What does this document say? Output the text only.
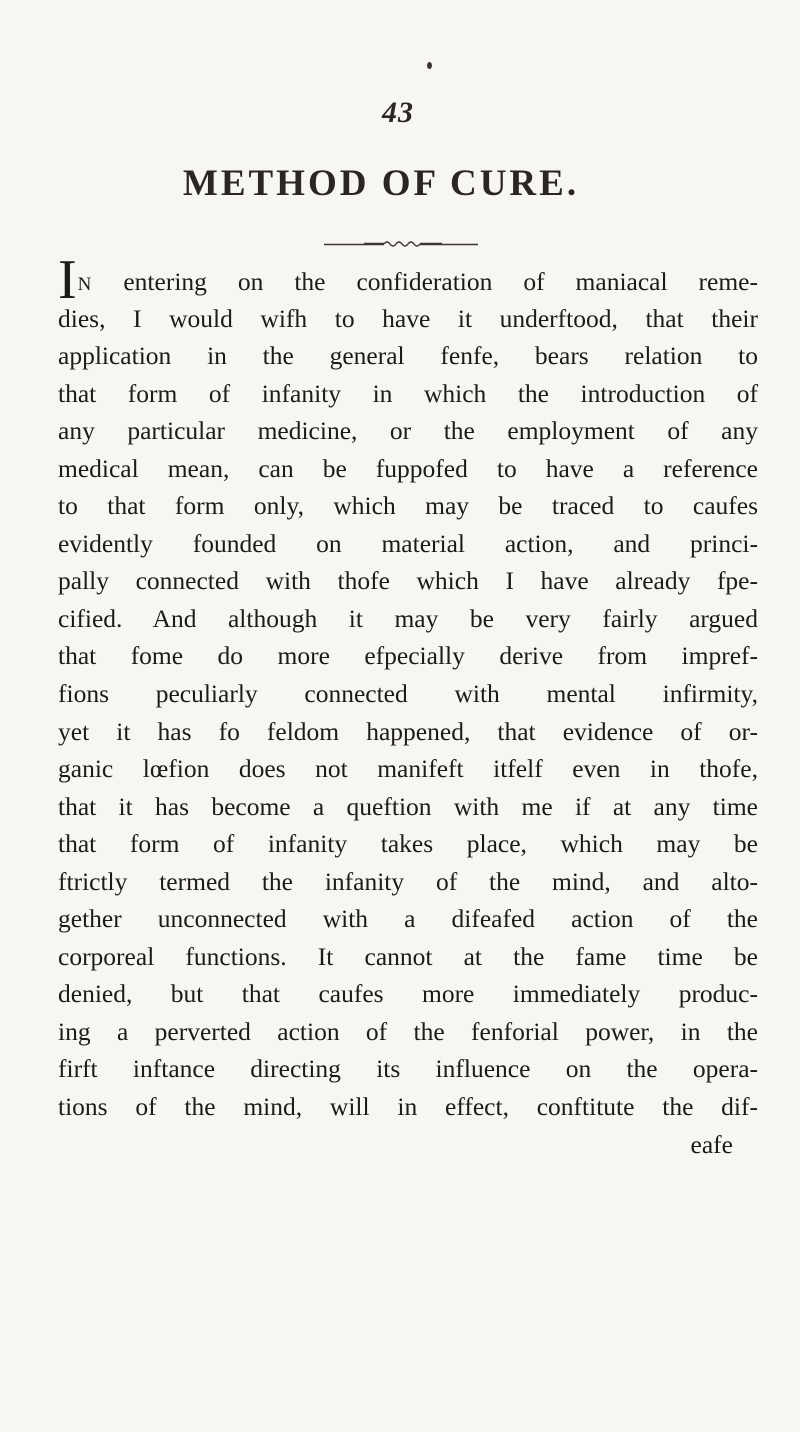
43
METHOD OF CURE.
IN entering on the confideration of maniacal reme-
dies, I would wifh to have it underftood, that their
application in the general fenfe, bears relation to
that form of infanity in which the introduction of
any particular medicine, or the employment of any
medical mean, can be fuppofed to have a reference
to that form only, which may be traced to caufes
evidently founded on material action, and princi-
pally connected with thofe which I have already fpe-
cified. And although it may be very fairly argued
that fome do more efpecially derive from impref-
fions peculiarly connected with mental infirmity,
yet it has fo feldom happened, that evidence of or-
ganic lœfion does not manifeft itfelf even in thofe,
that it has become a queftion with me if at any time
that form of infanity takes place, which may be
ftrictly termed the infanity of the mind, and alto-
gether unconnected with a difeafed action of the
corporeal functions. It cannot at the fame time be
denied, but that caufes more immediately produc-
ing a perverted action of the fenforial power, in the
firft inftance directing its influence on the opera-
tions of the mind, will in effect, conftitute the dif-
eafe
